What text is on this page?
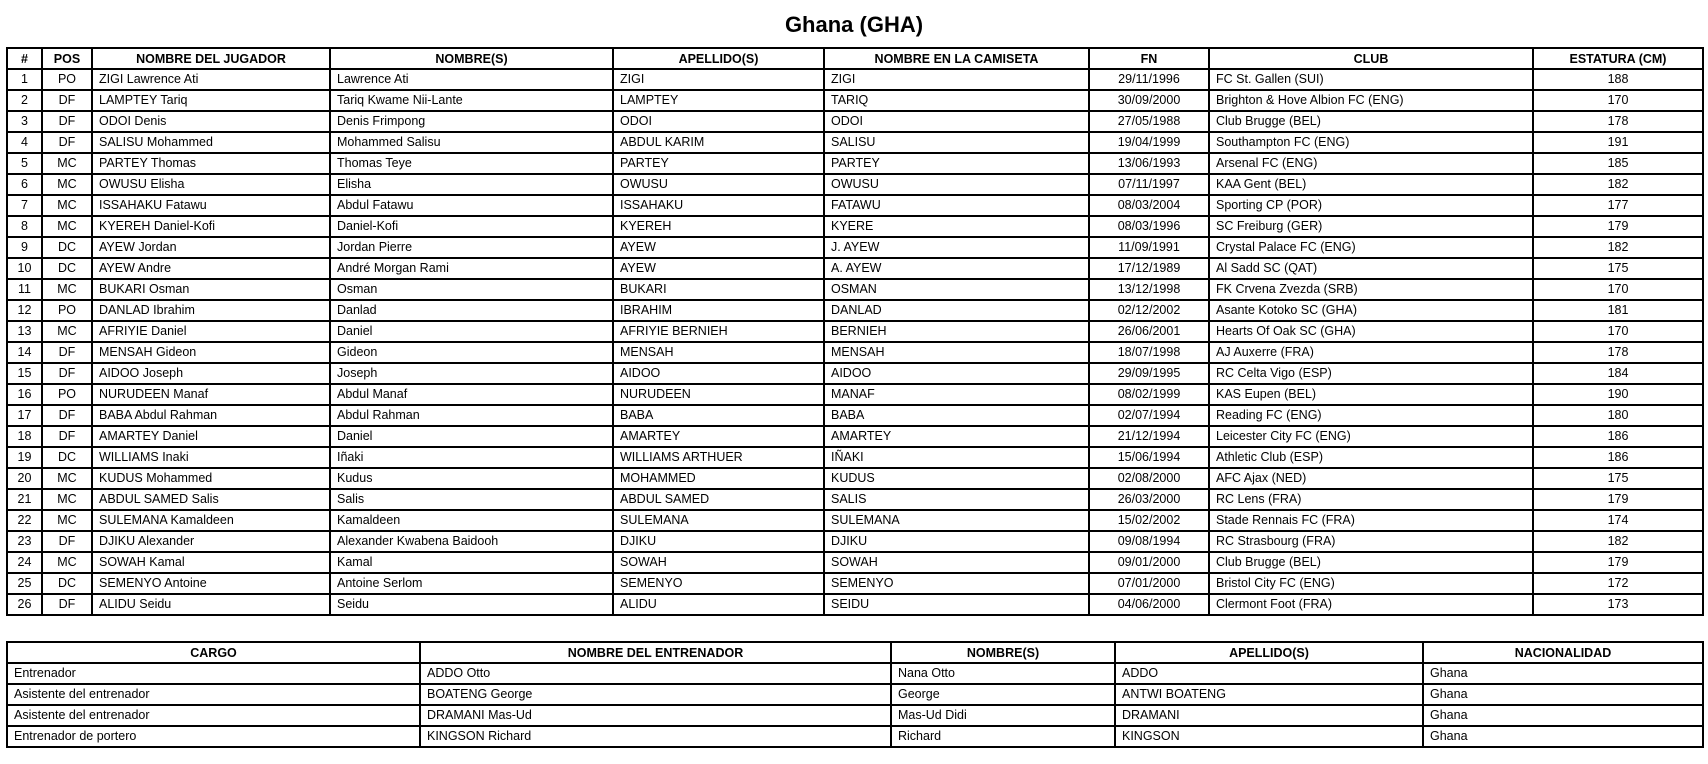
Ghana (GHA)
#	POS	NOMBRE DEL JUGADOR	NOMBRE(S)	APELLIDO(S)	NOMBRE EN LA CAMISETA	FN	CLUB	ESTATURA (CM)
1	PO	ZIGI Lawrence Ati	Lawrence Ati	ZIGI	ZIGI	29/11/1996	FC St. Gallen (SUI)	188
2	DF	LAMPTEY Tariq	Tariq Kwame Nii-Lante	LAMPTEY	TARIQ	30/09/2000	Brighton & Hove Albion FC (ENG)	170
3	DF	ODOI Denis	Denis Frimpong	ODOI	ODOI	27/05/1988	Club Brugge (BEL)	178
4	DF	SALISU Mohammed	Mohammed Salisu	ABDUL KARIM	SALISU	19/04/1999	Southampton FC (ENG)	191
5	MC	PARTEY Thomas	Thomas Teye	PARTEY	PARTEY	13/06/1993	Arsenal FC (ENG)	185
6	MC	OWUSU Elisha	Elisha	OWUSU	OWUSU	07/11/1997	KAA Gent (BEL)	182
7	MC	ISSAHAKU Fatawu	Abdul Fatawu	ISSAHAKU	FATAWU	08/03/2004	Sporting CP (POR)	177
8	MC	KYEREH Daniel-Kofi	Daniel-Kofi	KYEREH	KYERE	08/03/1996	SC Freiburg (GER)	179
9	DC	AYEW Jordan	Jordan Pierre	AYEW	J. AYEW	11/09/1991	Crystal Palace FC (ENG)	182
10	DC	AYEW Andre	André Morgan Rami	AYEW	A. AYEW	17/12/1989	Al Sadd SC (QAT)	175
11	MC	BUKARI Osman	Osman	BUKARI	OSMAN	13/12/1998	FK Crvena Zvezda (SRB)	170
12	PO	DANLAD Ibrahim	Danlad	IBRAHIM	DANLAD	02/12/2002	Asante Kotoko SC (GHA)	181
13	MC	AFRIYIE Daniel	Daniel	AFRIYIE BERNIEH	BERNIEH	26/06/2001	Hearts Of Oak SC (GHA)	170
14	DF	MENSAH Gideon	Gideon	MENSAH	MENSAH	18/07/1998	AJ Auxerre (FRA)	178
15	DF	AIDOO Joseph	Joseph	AIDOO	AIDOO	29/09/1995	RC Celta Vigo (ESP)	184
16	PO	NURUDEEN Manaf	Abdul Manaf	NURUDEEN	MANAF	08/02/1999	KAS Eupen (BEL)	190
17	DF	BABA Abdul Rahman	Abdul Rahman	BABA	BABA	02/07/1994	Reading FC (ENG)	180
18	DF	AMARTEY Daniel	Daniel	AMARTEY	AMARTEY	21/12/1994	Leicester City FC (ENG)	186
19	DC	WILLIAMS Inaki	Iñaki	WILLIAMS ARTHUER	IÑAKI	15/06/1994	Athletic Club (ESP)	186
20	MC	KUDUS Mohammed	Kudus	MOHAMMED	KUDUS	02/08/2000	AFC Ajax (NED)	175
21	MC	ABDUL SAMED Salis	Salis	ABDUL SAMED	SALIS	26/03/2000	RC Lens (FRA)	179
22	MC	SULEMANA Kamaldeen	Kamaldeen	SULEMANA	SULEMANA	15/02/2002	Stade Rennais FC (FRA)	174
23	DF	DJIKU Alexander	Alexander Kwabena Baidooh	DJIKU	DJIKU	09/08/1994	RC Strasbourg (FRA)	182
24	MC	SOWAH Kamal	Kamal	SOWAH	SOWAH	09/01/2000	Club Brugge (BEL)	179
25	DC	SEMENYO Antoine	Antoine Serlom	SEMENYO	SEMENYO	07/01/2000	Bristol City FC (ENG)	172
26	DF	ALIDU Seidu	Seidu	ALIDU	SEIDU	04/06/2000	Clermont Foot (FRA)	173
CARGO	NOMBRE DEL ENTRENADOR	NOMBRE(S)	APELLIDO(S)	NACIONALIDAD
Entrenador	ADDO Otto	Nana Otto	ADDO	Ghana
Asistente del entrenador	BOATENG George	George	ANTWI BOATENG	Ghana
Asistente del entrenador	DRAMANI Mas-Ud	Mas-Ud Didi	DRAMANI	Ghana
Entrenador de portero	KINGSON Richard	Richard	KINGSON	Ghana
